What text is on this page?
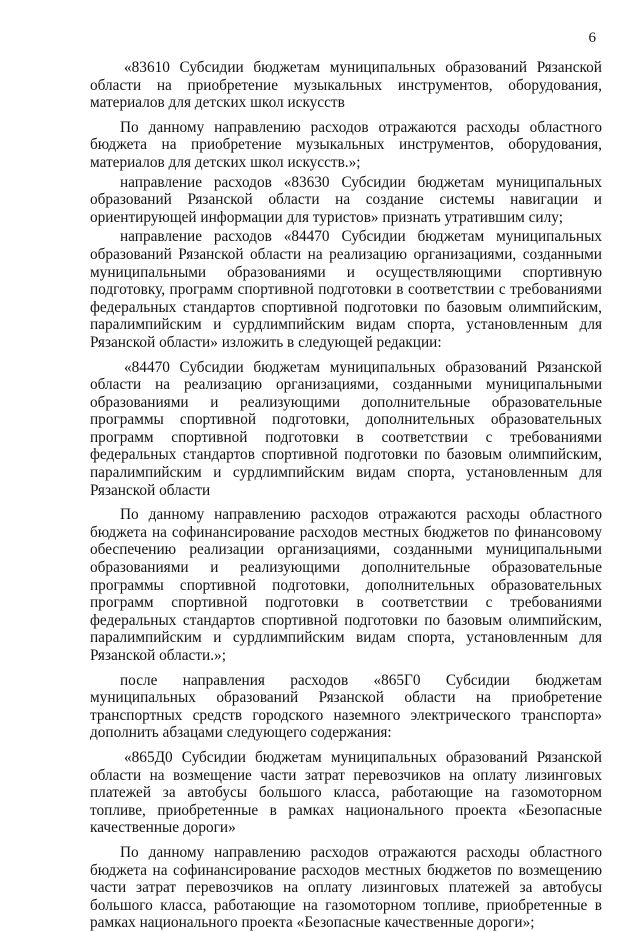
6

«83610 Субсидии бюджетам муниципальных образований Рязанской области на приобретение музыкальных инструментов, оборудования, материалов для детских школ искусств

По данному направлению расходов отражаются расходы областного бюджета на приобретение музыкальных инструментов, оборудования, материалов для детских школ искусств.»;

направление расходов «83630 Субсидии бюджетам муниципальных образований Рязанской области на создание системы навигации и ориентирующей информации для туристов» признать утратившим силу;

направление расходов «84470 Субсидии бюджетам муниципальных образований Рязанской области на реализацию организациями, созданными муниципальными образованиями и осуществляющими спортивную подготовку, программ спортивной подготовки в соответствии с требованиями федеральных стандартов спортивной подготовки по базовым олимпийским, паралимпийским и сурдлимпийским видам спорта, установленным для Рязанской области» изложить в следующей редакции:

«84470 Субсидии бюджетам муниципальных образований Рязанской области на реализацию организациями, созданными муниципальными образованиями и реализующими дополнительные образовательные программы спортивной подготовки, дополнительных образовательных программ спортивной подготовки в соответствии с требованиями федеральных стандартов спортивной подготовки по базовым олимпийским, паралимпийским и сурдлимпийским видам спорта, установленным для Рязанской области

По данному направлению расходов отражаются расходы областного бюджета на софинансирование расходов местных бюджетов по финансовому обеспечению реализации организациями, созданными муниципальными образованиями и реализующими дополнительные образовательные программы спортивной подготовки, дополнительных образовательных программ спортивной подготовки в соответствии с требованиями федеральных стандартов спортивной подготовки по базовым олимпийским, паралимпийским и сурдлимпийским видам спорта, установленным для Рязанской области.»;

после направления расходов «865Г0 Субсидии бюджетам муниципальных образований Рязанской области на приобретение транспортных средств городского наземного электрического транспорта» дополнить абзацами следующего содержания:

«865Д0 Субсидии бюджетам муниципальных образований Рязанской области на возмещение части затрат перевозчиков на оплату лизинговых платежей за автобусы большого класса, работающие на газомоторном топливе, приобретенные в рамках национального проекта «Безопасные качественные дороги»

По данному направлению расходов отражаются расходы областного бюджета на софинансирование расходов местных бюджетов по возмещению части затрат перевозчиков на оплату лизинговых платежей за автобусы большого класса, работающие на газомоторном топливе, приобретенные в рамках национального проекта «Безопасные качественные дороги»;
